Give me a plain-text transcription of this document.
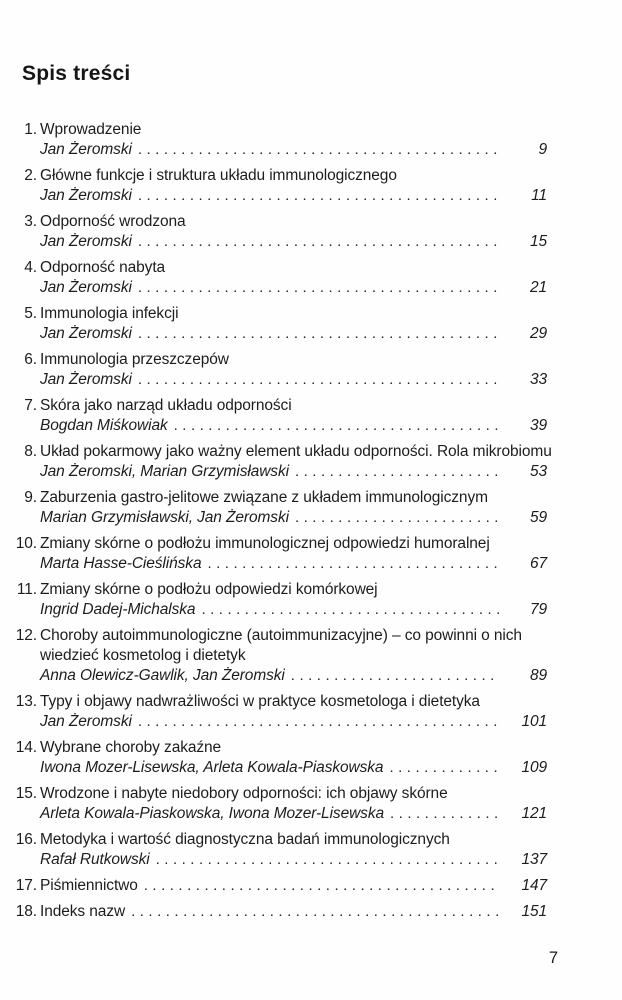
Spis treści
1. Wprowadzenie
Jan Żeromski .....	9
2. Główne funkcje i struktura układu immunologicznego
Jan Żeromski .....	11
3. Odporność wrodzona
Jan Żeromski .....	15
4. Odporność nabyta
Jan Żeromski .....	21
5. Immunologia infekcji
Jan Żeromski .....	29
6. Immunologia przeszczepów
Jan Żeromski .....	33
7. Skóra jako narząd układu odporności
Bogdan Miśkowiak .....	39
8. Układ pokarmowy jako ważny element układu odporności. Rola mikrobiomu
Jan Żeromski, Marian Grzymisławski .....	53
9. Zaburzenia gastro-jelitowe związane z układem immunologicznym
Marian Grzymisławski, Jan Żeromski .....	59
10. Zmiany skórne o podłożu immunologicznej odpowiedzi humoralnej
Marta Hasse-Cieślińska .....	67
11. Zmiany skórne o podłożu odpowiedzi komórkowej
Ingrid Dadej-Michalska .....	79
12. Choroby autoimmunologiczne (autoimmunizacyjne) – co powinni o nich
wiedzieć kosmetolog i dietetyk
Anna Olewicz-Gawlik, Jan Żeromski .....	89
13. Typy i objawy nadwrażliwości w praktyce kosmetologa i dietetyka
Jan Żeromski .....	101
14. Wybrane choroby zakaźne
Iwona Mozer-Lisewska, Arleta Kowala-Piaskowska .....	109
15. Wrodzone i nabyte niedobory odporności: ich objawy skórne
Arleta Kowala-Piaskowska, Iwona Mozer-Lisewska .....	121
16. Metodyka i wartość diagnostyczna badań immunologicznych
Rafał Rutkowski .....	137
17. Piśmiennictwo .....	147
18. Indeks nazw .....	151
7
